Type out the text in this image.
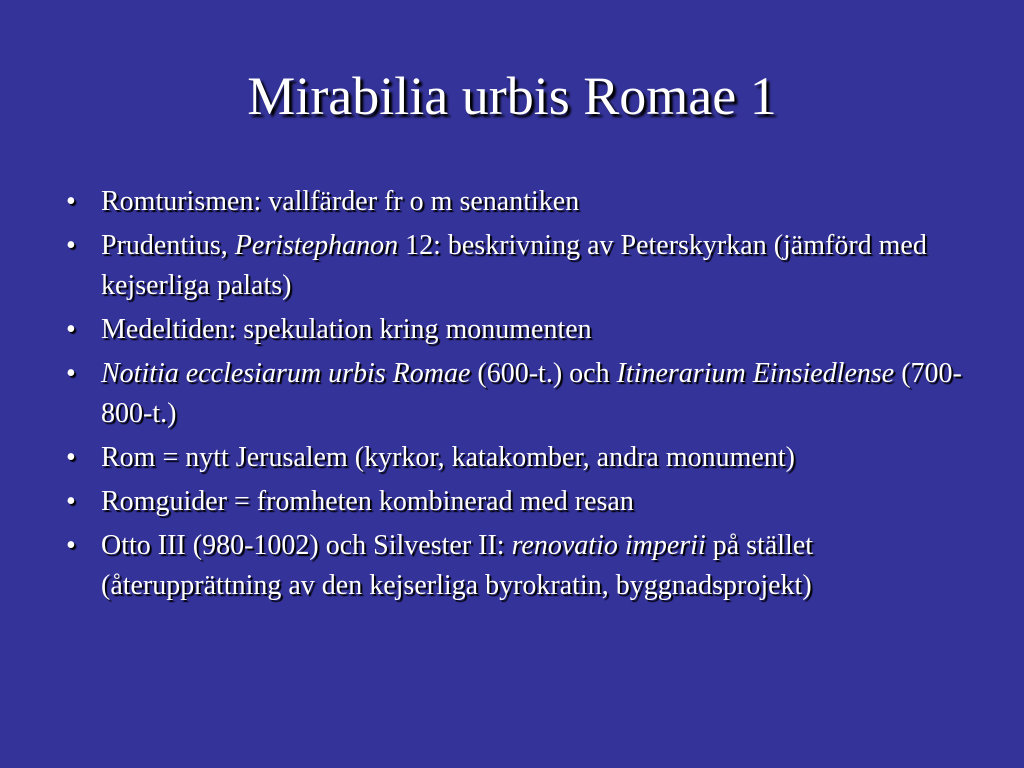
Mirabilia urbis Romae 1
• Romturismen: vallfärder fr o m senantiken
• Prudentius, Peristephanon 12: beskrivning av Peterskyrkan (jämförd med kejserliga palats)
• Medeltiden: spekulation kring monumenten
• Notitia ecclesiarum urbis Romae (600-t.) och Itinerarium Einsiedlense (700-800-t.)
• Rom = nytt Jerusalem (kyrkor, katakomber, andra monument)
• Romguider = fromheten kombinerad med resan
• Otto III (980-1002) och Silvester II: renovatio imperii på stället (återupprättning av den kejserliga byrokratin, byggnadsprojekt)
